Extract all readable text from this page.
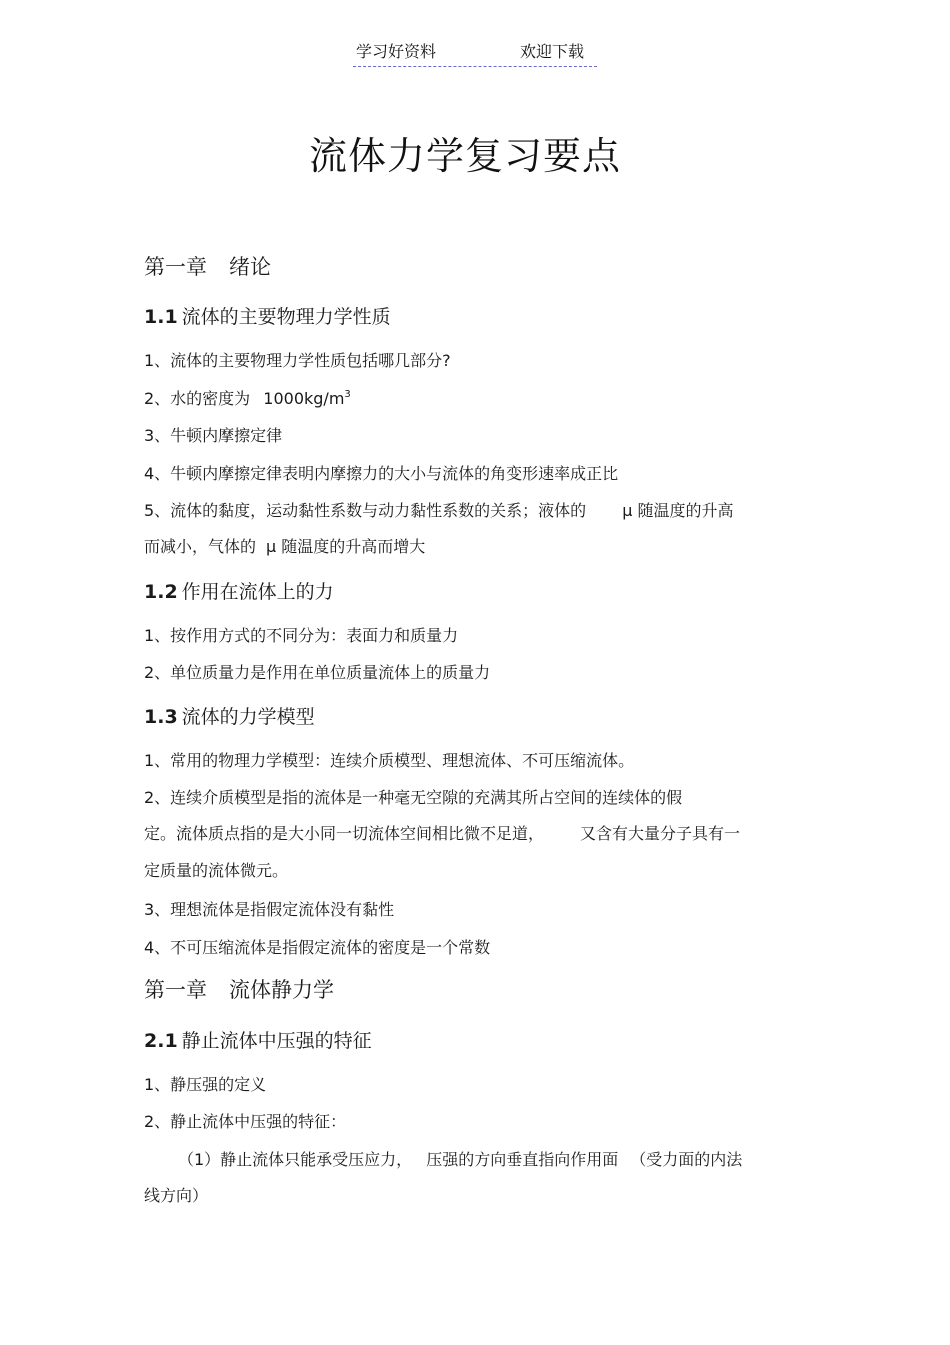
学习好资料	欢迎下载
流体力学复习要点
第一章 绪论
1.1 流体的主要物理力学性质
1、流体的主要物理力学性质包括哪几部分?
2、水的密度为 $1000kg/m^3$
3、牛顿内摩擦定律
4、牛顿内摩擦定律表明内摩擦力的大小与流体的角变形速率成正比
5、流体的黏度，运动黏性系数与动力黏性系数的关系；液体的 μ 随温度的升高
而减小，气体的 μ 随温度的升高而增大
1.2 作用在流体上的力
1、按作用方式的不同分为：表面力和质量力
2、单位质量力是作用在单位质量流体上的质量力
1.3 流体的力学模型
1、常用的物理力学模型：连续介质模型、理想流体、不可压缩流体。
2、连续介质模型是指的流体是一种毫无空隙的充满其所占空间的连续体的假
定。流体质点指的是大小同一切流体空间相比微不足道， 又含有大量分子具有一
定质量的流体微元。
3、理想流体是指假定流体没有黏性
4、不可压缩流体是指假定流体的密度是一个常数
第一章 流体静力学
2.1 静止流体中压强的特征
1、静压强的定义
2、静止流体中压强的特征：
（1）静止流体只能承受压应力， 压强的方向垂直指向作用面 （受力面的内法
线方向）
